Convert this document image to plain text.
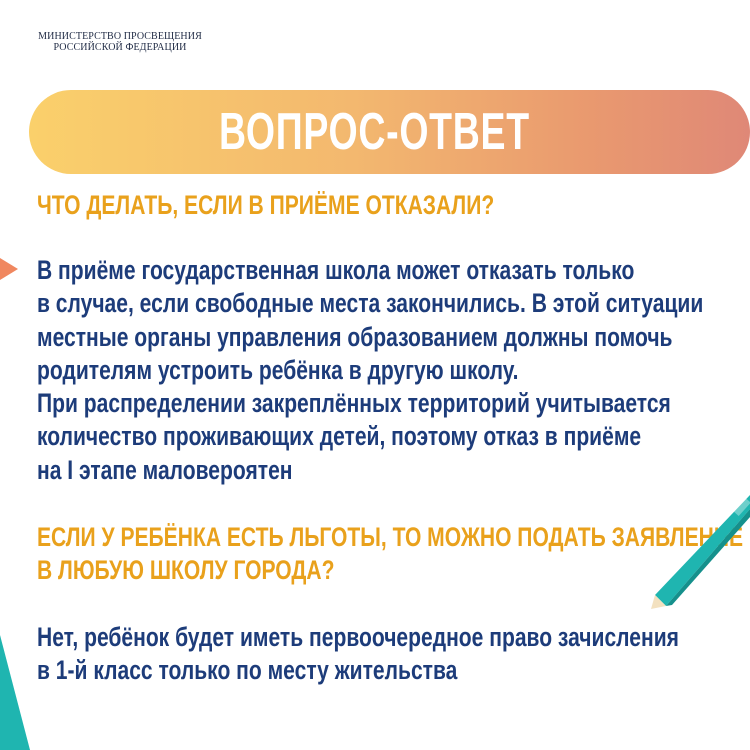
МИНИСТЕРСТВО ПРОСВЕЩЕНИЯ
РОССИЙСКОЙ ФЕДЕРАЦИИ
ВОПРОС-ОТВЕТ
ЧТО ДЕЛАТЬ, ЕСЛИ В ПРИЁМЕ ОТКАЗАЛИ?
В приёме государственная школа может отказать только
в случае, если свободные места закончились. В этой ситуации
местные органы управления образованием должны помочь
родителям устроить ребёнка в другую школу.
При распределении закреплённых территорий учитывается
количество проживающих детей, поэтому отказ в приёме
на I этапе маловероятен
ЕСЛИ У РЕБЁНКА ЕСТЬ ЛЬГОТЫ, ТО МОЖНО ПОДАТЬ ЗАЯВЛЕНИЕ
В ЛЮБУЮ ШКОЛУ ГОРОДА?
Нет, ребёнок будет иметь первоочередное право зачисления
в 1-й класс только по месту жительства
